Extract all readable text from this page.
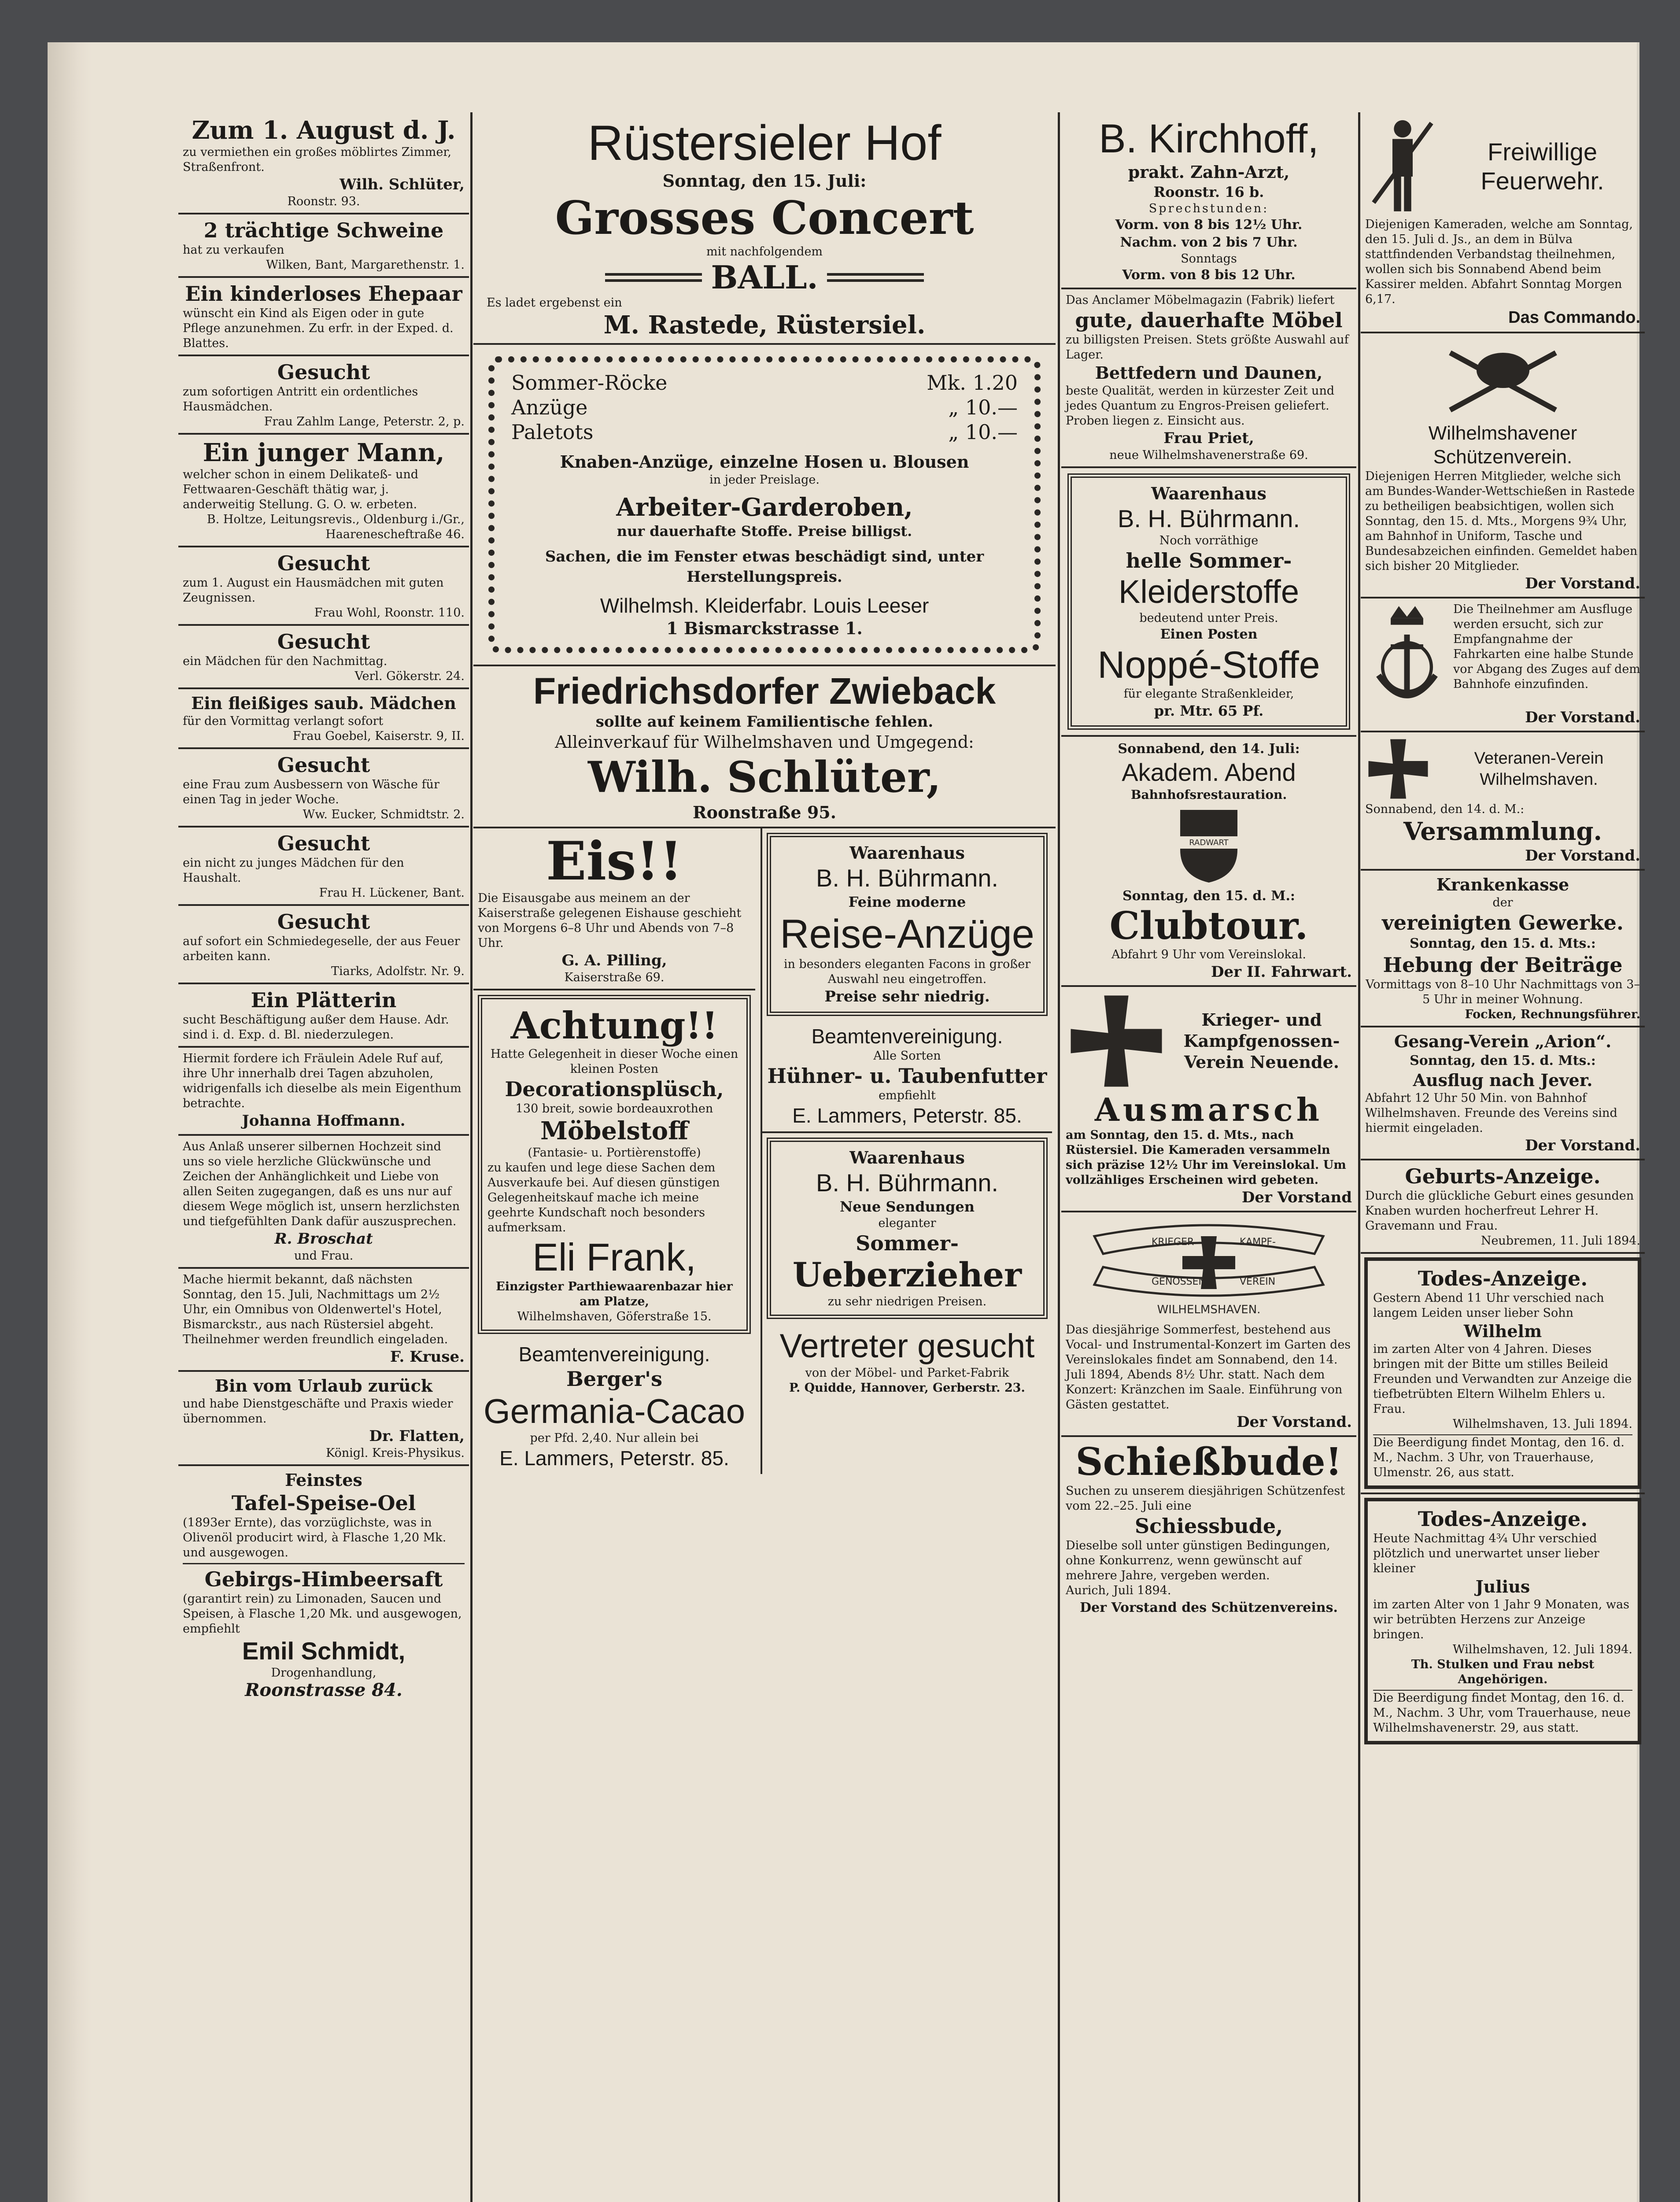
Zum 1. August d. J.
zu vermiethen ein großes möblirtes Zimmer, Straßenfront.
Wilh. Schlüter,
Roonstr. 93.
2 trächtige Schweine
hat zu verkaufen
Wilken, Bant, Margarethenstr. 1.
Ein kinderloses Ehepaar
wünscht ein Kind als Eigen oder in gute Pflege anzunehmen. Zu erfr. in der Exped. d. Blattes.
Gesucht
zum sofortigen Antritt ein ordentliches Hausmädchen.
Frau Zahlm Lange, Peterstr. 2, p.
Ein junger Mann,
welcher schon in einem Delikateß- und Fettwaaren-Geschäft thätig war, j. anderweitig Stellung. G. O. w. erbeten.
B. Holtze, Leitungsrevis., Oldenburg i./Gr., Haarenescheftraße 46.
Gesucht
zum 1. August ein Hausmädchen mit guten Zeugnissen.
Frau Wohl, Roonstr. 110.
Gesucht
ein Mädchen für den Nachmittag.
Verl. Gökerstr. 24.
Ein fleißiges saub. Mädchen
für den Vormittag verlangt sofort
Frau Goebel, Kaiserstr. 9, II.
Gesucht
eine Frau zum Ausbessern von Wäsche für einen Tag in jeder Woche.
Ww. Eucker, Schmidtstr. 2.
Gesucht
ein nicht zu junges Mädchen für den Haushalt.
Frau H. Lückener, Bant.
Gesucht
auf sofort ein Schmiedegeselle, der aus Feuer arbeiten kann.
Tiarks, Adolfstr. Nr. 9.
Ein Plätterin
sucht Beschäftigung außer dem Hause. Adr. sind i. d. Exp. d. Bl. niederzulegen.
Hiermit fordere ich Fräulein Adele Ruf auf, ihre Uhr innerhalb drei Tagen abzuholen, widrigenfalls ich dieselbe als mein Eigenthum betrachte.
Johanna Hoffmann.
Aus Anlaß unserer silbernen Hochzeit sind uns so viele herzliche Glückwünsche und Zeichen der Anhänglichkeit und Liebe von allen Seiten zugegangen, daß es uns nur auf diesem Wege möglich ist, unsern herzlichsten und tiefgefühlten Dank dafür auszusprechen.
R. Broschat
und Frau.
Mache hiermit bekannt, daß nächsten Sonntag, den 15. Juli, Nachmittags um 2½ Uhr, ein Omnibus von Oldenwertel's Hotel, Bismarckstr., aus nach Rüstersiel abgeht. Theilnehmer werden freundlich eingeladen.
F. Kruse.
Bin vom Urlaub zurück
und habe Dienstgeschäfte und Praxis wieder übernommen.
Dr. Flatten,
Königl. Kreis-Physikus.
Feinstes
Tafel-Speise-Oel
(1893er Ernte), das vorzüglichste, was in Olivenöl producirt wird, à Flasche 1,20 Mk. und ausgewogen.
Gebirgs-Himbeersaft
(garantirt rein) zu Limonaden, Saucen und Speisen, à Flasche 1,20 Mk. und ausgewogen, empfiehlt
Emil Schmidt,
Drogenhandlung,
Roonstrasse 84.
Rüstersieler Hof
Sonntag, den 15. Juli:
Grosses Concert
mit nachfolgendem
BALL.
Es ladet ergebenst ein
M. Rastede, Rüstersiel.
Sommer-Röcke	Mk. 1.20
Anzüge	„ 10.—
Paletots	„ 10.—
Knaben-Anzüge, einzelne Hosen u. Blousen
in jeder Preislage.
Arbeiter-Garderoben,
nur dauerhafte Stoffe. Preise billigst.
Sachen, die im Fenster etwas beschädigt sind, unter Herstellungspreis.
Wilhelmsh. Kleiderfabr. Louis Leeser
1 Bismarckstrasse 1.
Friedrichsdorfer Zwieback
sollte auf keinem Familientische fehlen.
Alleinverkauf für Wilhelmshaven und Umgegend:
Wilh. Schlüter,
Roonstraße 95.
Eis!!
Die Eisausgabe aus meinem an der Kaiserstraße gelegenen Eishause geschieht von Morgens 6–8 Uhr und Abends von 7–8 Uhr.
G. A. Pilling,
Kaiserstraße 69.
Achtung!!
Hatte Gelegenheit in dieser Woche einen kleinen Posten
Decorationsplüsch,
130 breit, sowie bordeauxrothen
Möbelstoff
(Fantasie- u. Portièrenstoffe)
zu kaufen und lege diese Sachen dem Ausverkaufe bei. Auf diesen günstigen Gelegenheitskauf mache ich meine geehrte Kundschaft noch besonders aufmerksam.
Eli Frank,
Einzigster Parthiewaarenbazar hier am Platze,
Wilhelmshaven, Göferstraße 15.
Beamtenvereinigung.
Berger's
Germania-Cacao
per Pfd. 2,40. Nur allein bei
E. Lammers, Peterstr. 85.
Waarenhaus
B. H. Bührmann.
Feine moderne
Reise-Anzüge
in besonders eleganten Facons in großer Auswahl neu eingetroffen.
Preise sehr niedrig.
Beamtenvereinigung.
Alle Sorten
Hühner- u. Taubenfutter
empfiehlt
E. Lammers, Peterstr. 85.
Waarenhaus
B. H. Bührmann.
Neue Sendungen
eleganter
Sommer-
Ueberzieher
zu sehr niedrigen Preisen.
Vertreter gesucht
von der Möbel- und Parket-Fabrik
P. Quidde, Hannover, Gerberstr. 23.
B. Kirchhoff,
prakt. Zahn-Arzt,
Roonstr. 16 b.
Sprechstunden:
Vorm. von 8 bis 12½ Uhr.
Nachm. von 2 bis 7 Uhr.
Sonntags
Vorm. von 8 bis 12 Uhr.
Das Anclamer Möbelmagazin (Fabrik) liefert
gute, dauerhafte Möbel
zu billigsten Preisen. Stets größte Auswahl auf Lager.
Bettfedern und Daunen,
beste Qualität, werden in kürzester Zeit und jedes Quantum zu Engros-Preisen geliefert. Proben liegen z. Einsicht aus.
Frau Priet,
neue Wilhelmshavenerstraße 69.
Waarenhaus
B. H. Bührmann.
Noch vorräthige
helle Sommer-
Kleiderstoffe
bedeutend unter Preis.
Einen Posten
Noppé-Stoffe
für elegante Straßenkleider,
pr. Mtr. 65 Pf.
Sonnabend, den 14. Juli:
Akadem. Abend
Bahnhofsrestauration.
RADWART
Sonntag, den 15. d. M.:
Clubtour.
Abfahrt 9 Uhr vom Vereinslokal.
Der II. Fahrwart.
Krieger- und Kampfgenossen-Verein Neuende.
Ausmarsch
am Sonntag, den 15. d. Mts., nach Rüstersiel. Die Kameraden versammeln sich präzise 12½ Uhr im Vereinslokal. Um vollzähliges Erscheinen wird gebeten.
Der Vorstand
KRIEGER-	KAMPF-
GENOSSEN-	VEREIN
WILHELMSHAVEN.
Das diesjährige Sommerfest, bestehend aus Vocal- und Instrumental-Konzert im Garten des Vereinslokales findet am Sonnabend, den 14. Juli 1894, Abends 8½ Uhr. statt. Nach dem Konzert: Kränzchen im Saale. Einführung von Gästen gestattet.
Der Vorstand.
Schießbude!
Suchen zu unserem diesjährigen Schützenfest vom 22.–25. Juli eine
Schiessbude,
Dieselbe soll unter günstigen Bedingungen, ohne Konkurrenz, wenn gewünscht auf mehrere Jahre, vergeben werden.
Aurich, Juli 1894.
Der Vorstand des Schützenvereins.
Freiwillige Feuerwehr.
Diejenigen Kameraden, welche am Sonntag, den 15. Juli d. Js., an dem in Bülva stattfindenden Verbandstag theilnehmen, wollen sich bis Sonnabend Abend beim Kassirer melden. Abfahrt Sonntag Morgen 6,17.
Das Commando.
Wilhelmshavener Schützenverein.
Diejenigen Herren Mitglieder, welche sich am Bundes-Wander-Wettschießen in Rastede zu betheiligen beabsichtigen, wollen sich Sonntag, den 15. d. Mts., Morgens 9¾ Uhr, am Bahnhof in Uniform, Tasche und Bundesabzeichen einfinden. Gemeldet haben sich bisher 20 Mitglieder.
Der Vorstand.
Die Theilnehmer am Ausfluge werden ersucht, sich zur Empfangnahme der Fahrkarten eine halbe Stunde vor Abgang des Zuges auf dem Bahnhofe einzufinden.
Der Vorstand.
Veteranen-Verein Wilhelmshaven.
Sonnabend, den 14. d. M.:
Versammlung.
Der Vorstand.
Krankenkasse
der
vereinigten Gewerke.
Sonntag, den 15. d. Mts.:
Hebung der Beiträge
Vormittags von 8–10 Uhr Nachmittags von 3–5 Uhr in meiner Wohnung.
Focken, Rechnungsführer.
Gesang-Verein „Arion“.
Sonntag, den 15. d. Mts.:
Ausflug nach Jever.
Abfahrt 12 Uhr 50 Min. von Bahnhof Wilhelmshaven. Freunde des Vereins sind hiermit eingeladen.
Der Vorstand.
Geburts-Anzeige.
Durch die glückliche Geburt eines gesunden Knaben wurden hocherfreut Lehrer H. Gravemann und Frau.
Neubremen, 11. Juli 1894.
Todes-Anzeige.
Gestern Abend 11 Uhr verschied nach langem Leiden unser lieber Sohn
Wilhelm
im zarten Alter von 4 Jahren. Dieses bringen mit der Bitte um stilles Beileid Freunden und Verwandten zur Anzeige die tiefbetrübten Eltern Wilhelm Ehlers u. Frau.
Wilhelmshaven, 13. Juli 1894.
Die Beerdigung findet Montag, den 16. d. M., Nachm. 3 Uhr, von Trauerhause, Ulmenstr. 26, aus statt.
Todes-Anzeige.
Heute Nachmittag 4¾ Uhr verschied plötzlich und unerwartet unser lieber kleiner
Julius
im zarten Alter von 1 Jahr 9 Monaten, was wir betrübten Herzens zur Anzeige bringen.
Wilhelmshaven, 12. Juli 1894.
Th. Stulken und Frau nebst Angehörigen.
Die Beerdigung findet Montag, den 16. d. M., Nachm. 3 Uhr, vom Trauerhause, neue Wilhelmshavenerstr. 29, aus statt.
